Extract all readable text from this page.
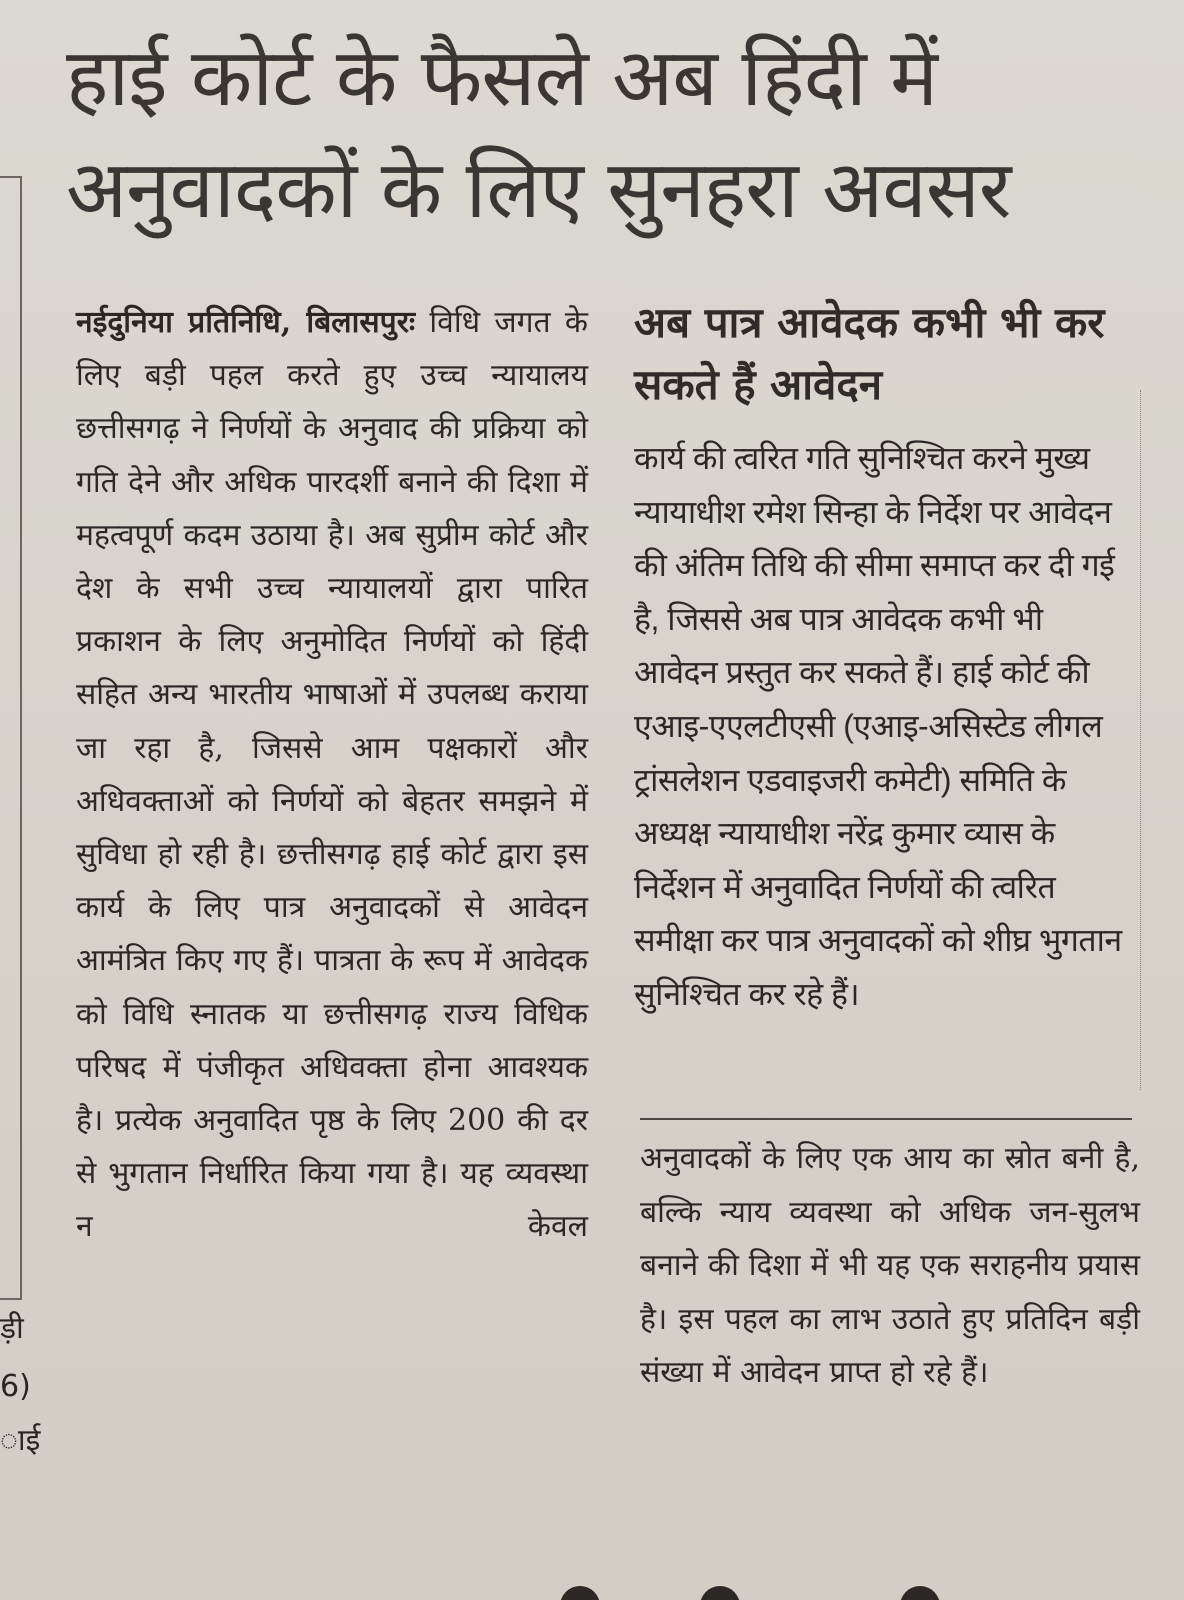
ड़ी
6)
ाई
हाई कोर्ट के फैसले अब हिंदी में
अनुवादकों के लिए सुनहरा अवसर

नईदुनिया प्रतिनिधि, बिलासपुरः विधि जगत के लिए बड़ी पहल करते हुए उच्च न्यायालय छत्तीसगढ़ ने निर्णयों के अनुवाद की प्रक्रिया को गति देने और अधिक पारदर्शी बनाने की दिशा में महत्वपूर्ण कदम उठाया है। अब सुप्रीम कोर्ट और देश के सभी उच्च न्यायालयों द्वारा पारित प्रकाशन के लिए अनुमोदित निर्णयों को हिंदी सहित अन्य भारतीय भाषाओं में उपलब्ध कराया जा रहा है, जिससे आम पक्षकारों और अधिवक्ताओं को निर्णयों को बेहतर समझने में सुविधा हो रही है। छत्तीसगढ़ हाई कोर्ट द्वारा इस कार्य के लिए पात्र अनुवादकों से आवेदन आमंत्रित किए गए हैं। पात्रता के रूप में आवेदक को विधि स्नातक या छत्तीसगढ़ राज्य विधिक परिषद में पंजीकृत अधिवक्ता होना आवश्यक है। प्रत्येक अनुवादित पृष्ठ के लिए 200 की दर से भुगतान निर्धारित किया गया है। यह व्यवस्था न केवल

अब पात्र आवेदक कभी भी कर सकते हैं आवेदन

कार्य की त्वरित गति सुनिश्चित करने मुख्य न्यायाधीश रमेश सिन्हा के निर्देश पर आवेदन की अंतिम तिथि की सीमा समाप्त कर दी गई है, जिससे अब पात्र आवेदक कभी भी आवेदन प्रस्तुत कर सकते हैं। हाई कोर्ट की एआइ-एएलटीएसी (एआइ-असिस्टेड लीगल ट्रांसलेशन एडवाइजरी कमेटी) समिति के अध्यक्ष न्यायाधीश नरेंद्र कुमार व्यास के निर्देशन में अनुवादित निर्णयों की त्वरित समीक्षा कर पात्र अनुवादकों को शीघ्र भुगतान सुनिश्चित कर रहे हैं।

अनुवादकों के लिए एक आय का स्रोत बनी है, बल्कि न्याय व्यवस्था को अधिक जन-सुलभ बनाने की दिशा में भी यह एक सराहनीय प्रयास है। इस पहल का लाभ उठाते हुए प्रतिदिन बड़ी संख्या में आवेदन प्राप्त हो रहे हैं।
